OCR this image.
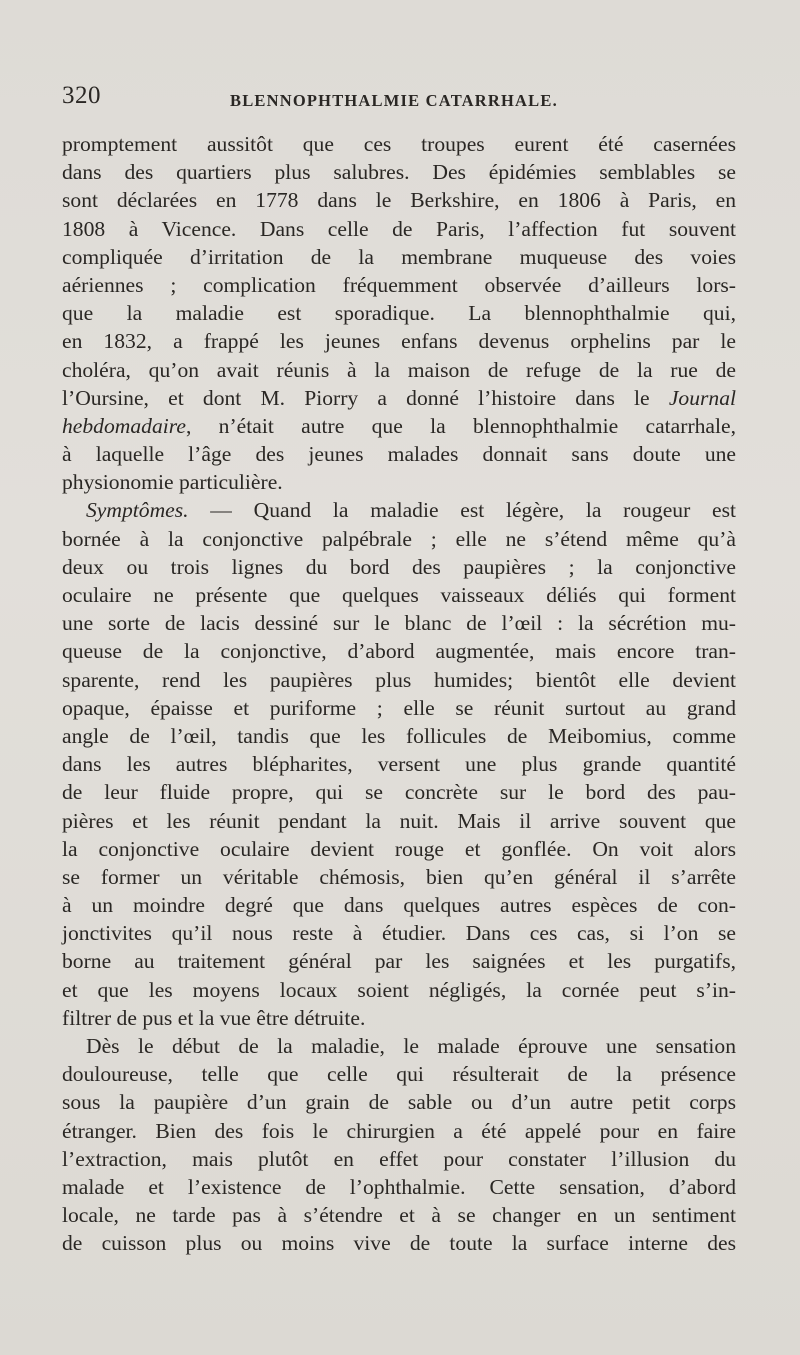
320	BLENNOPHTHALMIE CATARRHALE.
promptement aussitôt que ces troupes eurent été casernées
dans des quartiers plus salubres. Des épidémies semblables se
sont déclarées en 1778 dans le Berkshire, en 1806 à Paris, en
1808 à Vicence. Dans celle de Paris, l’affection fut souvent
compliquée d’irritation de la membrane muqueuse des voies
aériennes ; complication fréquemment observée d’ailleurs lors-
que la maladie est sporadique. La blennophthalmie qui,
en 1832, a frappé les jeunes enfans devenus orphelins par le
choléra, qu’on avait réunis à la maison de refuge de la rue de
l’Oursine, et dont M. Piorry a donné l’histoire dans le Journal
hebdomadaire, n’était autre que la blennophthalmie catarrhale,
à laquelle l’âge des jeunes malades donnait sans doute une
physionomie particulière.
Symptômes. — Quand la maladie est légère, la rougeur est
bornée à la conjonctive palpébrale ; elle ne s’étend même qu’à
deux ou trois lignes du bord des paupières ; la conjonctive
oculaire ne présente que quelques vaisseaux déliés qui forment
une sorte de lacis dessiné sur le blanc de l’œil : la sécrétion mu-
queuse de la conjonctive, d’abord augmentée, mais encore tran-
sparente, rend les paupières plus humides; bientôt elle devient
opaque, épaisse et puriforme ; elle se réunit surtout au grand
angle de l’œil, tandis que les follicules de Meibomius, comme
dans les autres blépharites, versent une plus grande quantité
de leur fluide propre, qui se concrète sur le bord des pau-
pières et les réunit pendant la nuit. Mais il arrive souvent que
la conjonctive oculaire devient rouge et gonflée. On voit alors
se former un véritable chémosis, bien qu’en général il s’arrête
à un moindre degré que dans quelques autres espèces de con-
jonctivites qu’il nous reste à étudier. Dans ces cas, si l’on se
borne au traitement général par les saignées et les purgatifs,
et que les moyens locaux soient négligés, la cornée peut s’in-
filtrer de pus et la vue être détruite.
Dès le début de la maladie, le malade éprouve une sensation
douloureuse, telle que celle qui résulterait de la présence
sous la paupière d’un grain de sable ou d’un autre petit corps
étranger. Bien des fois le chirurgien a été appelé pour en faire
l’extraction, mais plutôt en effet pour constater l’illusion du
malade et l’existence de l’ophthalmie. Cette sensation, d’abord
locale, ne tarde pas à s’étendre et à se changer en un sentiment
de cuisson plus ou moins vive de toute la surface interne des
